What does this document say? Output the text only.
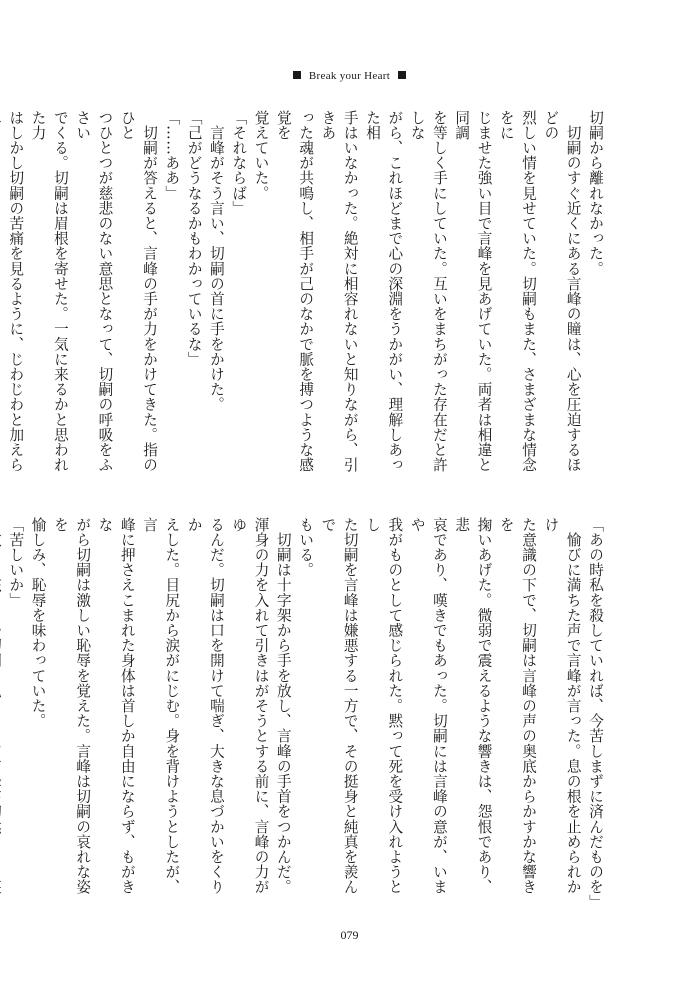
Break your Heart

切嗣から離れなかった。

　切嗣のすぐ近くにある言峰の瞳は、心を圧迫するほどの

烈しい情を見せていた。切嗣もまた、さまざまな情念をに

じませた強い目で言峰を見あげていた。両者は相違と同調

を等しく手にしていた。互いをまちがった存在だと許しな

がら、これほどまで心の深淵をうかがい、理解しあった相

手はいなかった。絶対に相容れないと知りながら、引きあ

った魂が共鳴し、相手が己のなかで脈を搏つような感覚を

覚えていた。

「それならば」

　言峰がそう言い、切嗣の首に手をかけた。

「己がどうなるかもわかっているな」

「……ああ」

　切嗣が答えると、言峰の手が力をかけてきた。指のひと

つひとつが慈悲のない意思となって、切嗣の呼吸をふさい

でくる。切嗣は眉根を寄せた。一気に来るかと思われた力

はしかし切嗣の苦痛を見るように、じわじわと加えら

「あの時私を殺していれば、今苦しまずに済んだものを」

　愉びに満ちた声で言峰が言った。息の根を止められかけ

た意識の下で、切嗣は言峰の声の奥底からかすかな響きを

掬いあげた。微弱で震えるような響きは、怨恨であり、悲

哀であり、嘆きでもあった。切嗣には言峰の意が、いまや

我がものとして感じられた。黙って死を受け入れようとし

た切嗣を言峰は嫌悪する一方で、その挺身と純真を羨んで

もいる。

　切嗣は十字架から手を放し、言峰の手首をつかんだ。

渾身の力を入れて引きはがそうとする前に、言峰の力がゆ

るんだ。切嗣は口を開けて喘ぎ、大きな息づかいをくりか

えした。目尻から涙がにじむ。身を背けようとしたが、言

峰に押さえこまれた身体は首しか自由にならず、もがきな

がら切嗣は激しい恥辱を覚えた。言峰は切嗣の哀れな姿を

愉しみ、恥辱を味わっていた。

「苦しいか」

079
